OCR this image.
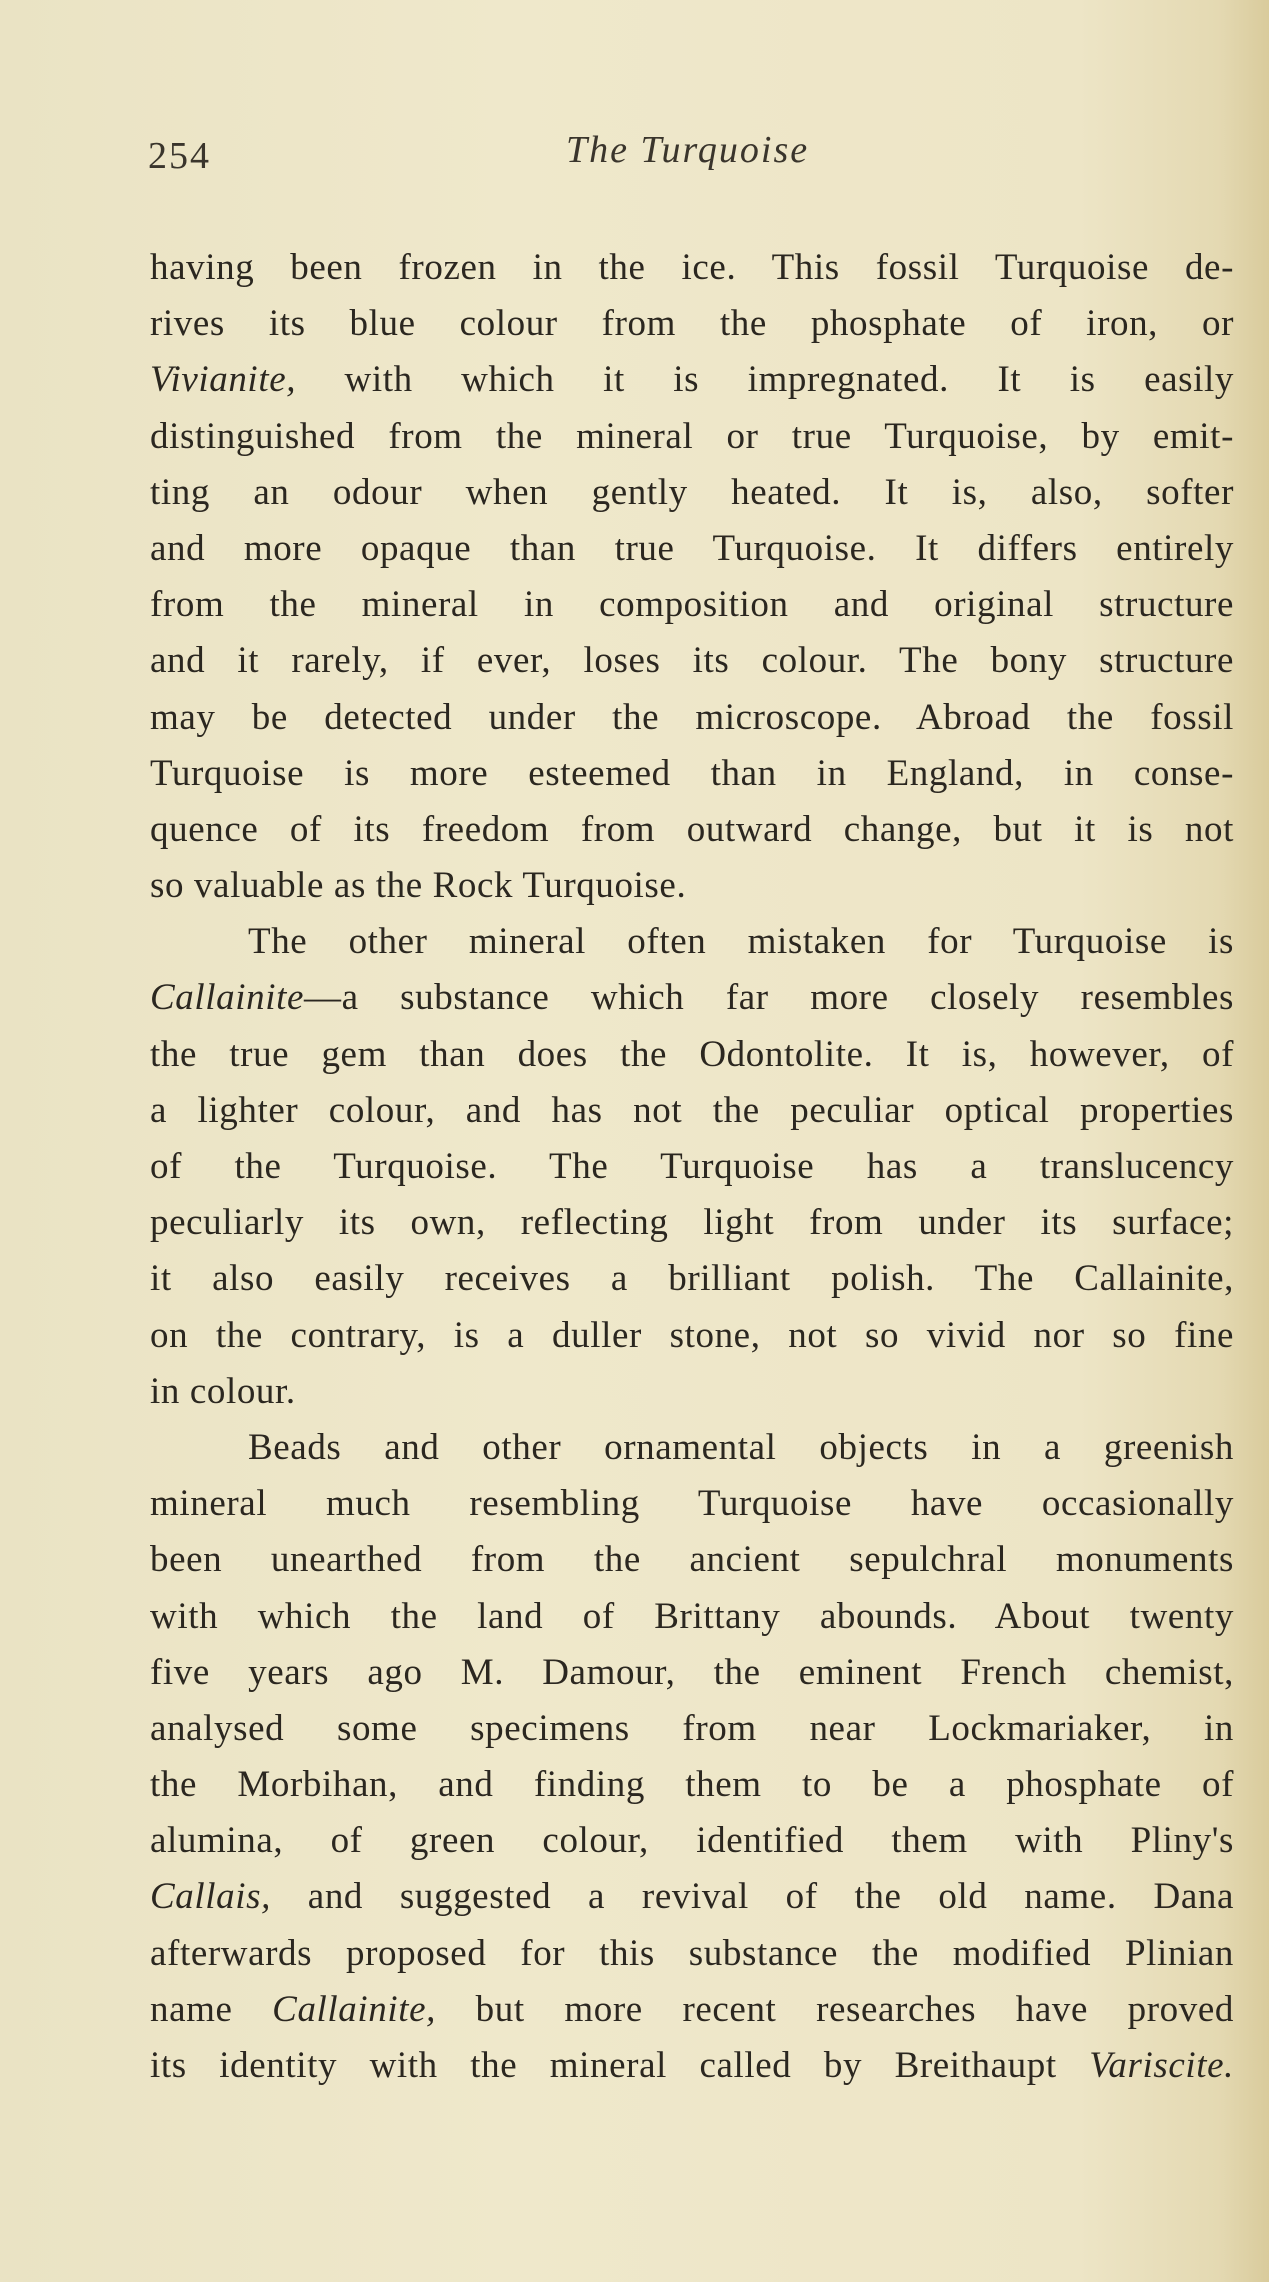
254	The Turquoise
having been frozen in the ice. This fossil Turquoise de-
rives its blue colour from the phosphate of iron, or
Vivianite, with which it is impregnated. It is easily
distinguished from the mineral or true Turquoise, by emit-
ting an odour when gently heated. It is, also, softer
and more opaque than true Turquoise. It differs entirely
from the mineral in composition and original structure
and it rarely, if ever, loses its colour. The bony structure
may be detected under the microscope. Abroad the fossil
Turquoise is more esteemed than in England, in conse-
quence of its freedom from outward change, but it is not
so valuable as the Rock Turquoise.
The other mineral often mistaken for Turquoise is
Callainite—a substance which far more closely resembles
the true gem than does the Odontolite. It is, however, of
a lighter colour, and has not the peculiar optical properties
of the Turquoise. The Turquoise has a translucency
peculiarly its own, reflecting light from under its surface;
it also easily receives a brilliant polish. The Callainite,
on the contrary, is a duller stone, not so vivid nor so fine
in colour.
Beads and other ornamental objects in a greenish
mineral much resembling Turquoise have occasionally
been unearthed from the ancient sepulchral monuments
with which the land of Brittany abounds. About twenty
five years ago M. Damour, the eminent French chemist,
analysed some specimens from near Lockmariaker, in
the Morbihan, and finding them to be a phosphate of
alumina, of green colour, identified them with Pliny's
Callais, and suggested a revival of the old name. Dana
afterwards proposed for this substance the modified Plinian
name Callainite, but more recent researches have proved
its identity with the mineral called by Breithaupt Variscite.
